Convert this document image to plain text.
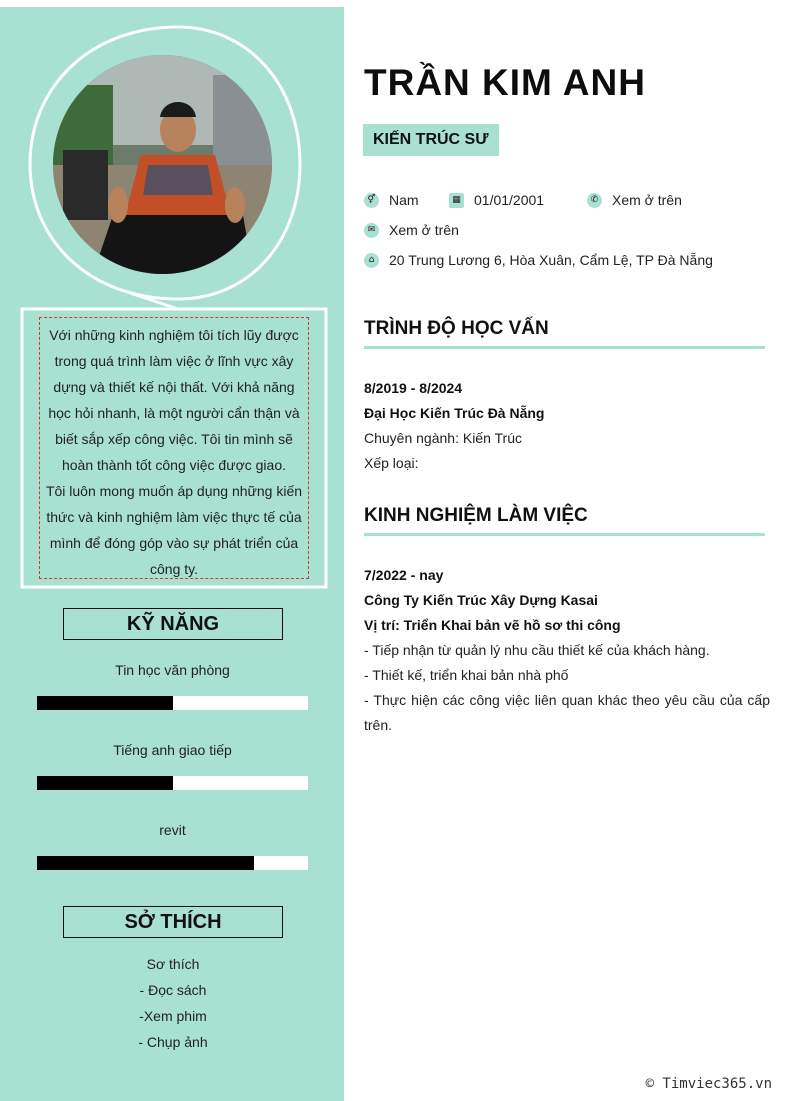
Với những kinh nghiệm tôi tích lũy được trong quá trình làm việc ở lĩnh vực xây dựng và thiết kế nội thất. Với khả năng học hỏi nhanh, là một người cẩn thận và biết sắp xếp công việc. Tôi tin mình sẽ hoàn thành tốt công việc được giao.
Tôi luôn mong muốn áp dụng những kiến thức và kinh nghiệm làm việc thực tế của mình để đóng góp vào sự phát triển của công ty.
KỸ NĂNG
Tin học văn phòng
Tiếng anh giao tiếp
revit
SỞ THÍCH
Sơ thích
- Đọc sách
-Xem phim
- Chụp ảnh
TRẦN KIM ANH
KIẾN TRÚC SƯ
⚥ Nam	▦ 01/01/2001	✆ Xem ở trên
✉ Xem ở trên
⌂	20 Trung Lương 6, Hòa Xuân, Cẩm Lệ, TP Đà Nẵng
TRÌNH ĐỘ HỌC VẤN
8/2019 - 8/2024
Đại Học Kiến Trúc Đà Nẵng
Chuyên ngành: Kiến Trúc
Xếp loại:
KINH NGHIỆM LÀM VIỆC
7/2022 - nay
Công Ty Kiến Trúc Xây Dựng Kasai
Vị trí: Triển Khai bản vẽ hồ sơ thi công
- Tiếp nhận từ quản lý nhu cầu thiết kế của khách hàng.
- Thiết kế, triển khai bản nhà phố
- Thực hiện các công việc liên quan khác theo yêu cầu của cấp trên.
© Timviec365.vn
